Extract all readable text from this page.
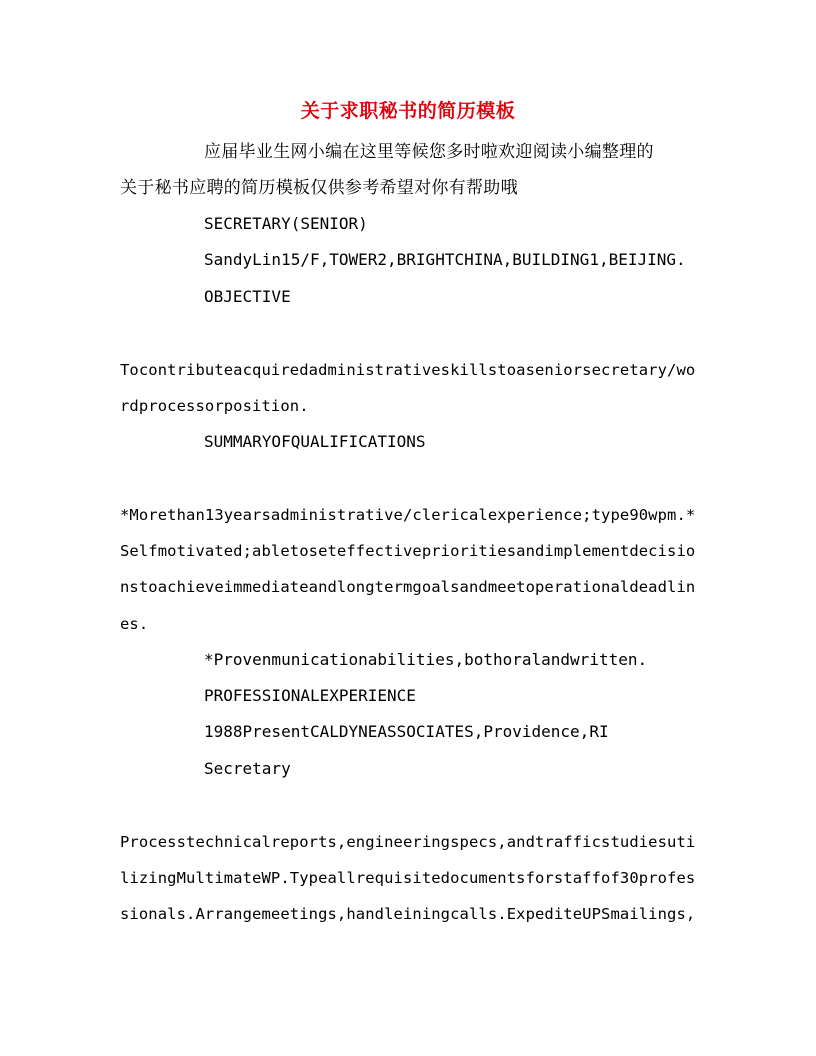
关于求职秘书的简历模板
应届毕业生网小编在这里等候您多时啦欢迎阅读小编整理的
关于秘书应聘的简历模板仅供参考希望对你有帮助哦
SECRETARY(SENIOR)
SandyLin15/F,TOWER2,BRIGHTCHINA,BUILDING1,BEIJING.
OBJECTIVE
Tocontributeacquiredadministrativeskillstoaseniorsecretary/wo
rdprocessorposition.
SUMMARYOFQUALIFICATIONS
*Morethan13yearsadministrative/clericalexperience;type90wpm.*
Selfmotivated;abletoseteffectiveprioritiesandimplementdecisio
nstoachieveimmediateandlongtermgoalsandmeetoperationaldeadlin
es.
*Provenmunicationabilities,bothoralandwritten.
PROFESSIONALEXPERIENCE
1988PresentCALDYNEASSOCIATES,Providence,RI
Secretary
Processtechnicalreports,engineeringspecs,andtrafficstudiesuti
lizingMultimateWP.Typeallrequisitedocumentsforstaffof30profes
sionals.Arrangemeetings,handleiningcalls.ExpediteUPSmailings,
